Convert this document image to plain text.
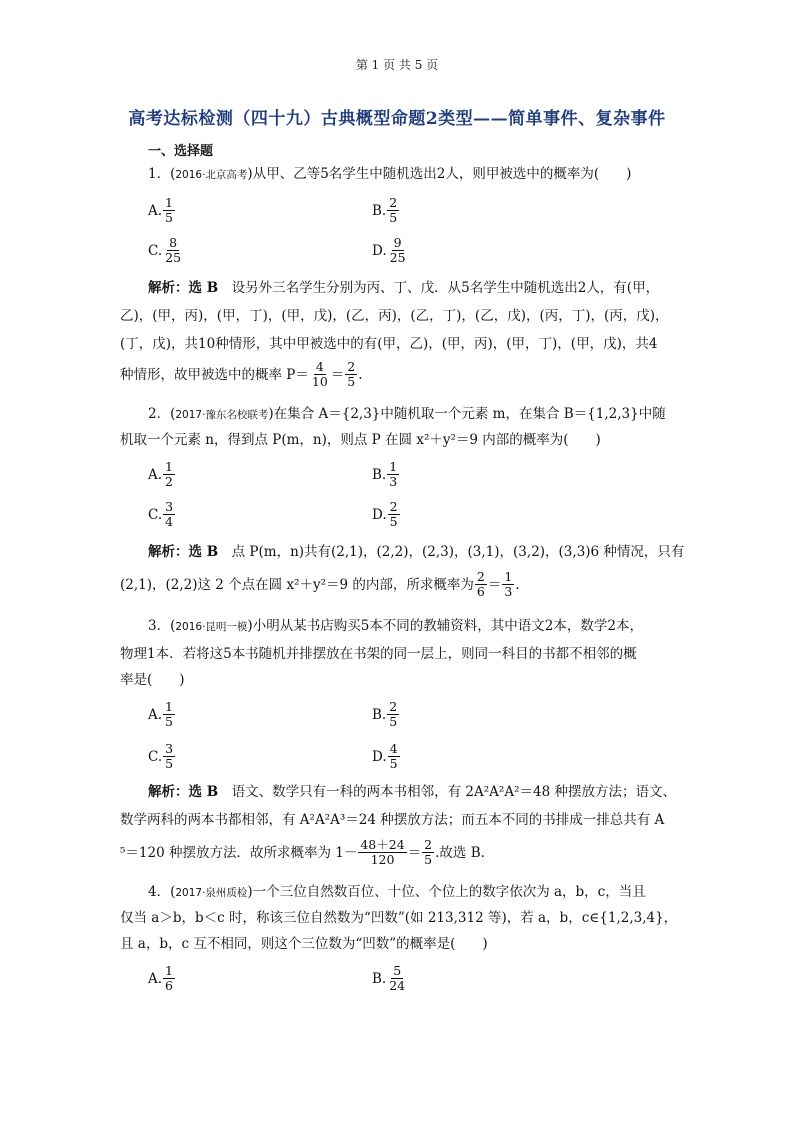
第 1 页 共 5 页
高考达标检测（四十九）古典概型命题2类型——简单事件、复杂事件
一、选择题
1．(2016·北京高考)从甲、乙等5名学生中随机选出2人，则甲被选中的概率为(　　)
A. $\frac{1}{5}$	B. $\frac{2}{5}$
C. $\frac{8}{25}$	D. $\frac{9}{25}$
解析：选 B　设另外三名学生分别为丙、丁、戊．从5名学生中随机选出2人，有(甲，
乙)，(甲，丙)，(甲，丁)，(甲，戊)，(乙，丙)，(乙，丁)，(乙，戊)，(丙，丁)，(丙，戊)，
(丁，戊)，共10种情形，其中甲被选中的有(甲，乙)，(甲，丙)，(甲，丁)，(甲，戊)，共4
种情形，故甲被选中的概率 $P= \frac{4}{10} = \frac{2}{5}$ .
2．(2017·豫东名校联考)在集合 A＝{2,3}中随机取一个元素 m，在集合 B＝{1,2,3}中随
机取一个元素 n，得到点 P(m，n)，则点 P 在圆 x²＋y²＝9 内部的概率为(　　)
A. $\frac{1}{2}$	B. $\frac{1}{3}$
C. $\frac{3}{4}$	D. $\frac{2}{5}$
解析：选 B　点 P(m，n)共有(2,1)，(2,2)，(2,3)，(3,1)，(3,2)，(3,3)6 种情况，只有
(2,1)，(2,2)这 2 个点在圆 x²＋y²＝9 的内部，所求概率为 $\frac{2}{6} = \frac{1}{3}$ .
3．(2016·昆明一模)小明从某书店购买5本不同的教辅资料，其中语文2本，数学2本，
物理1本．若将这5本书随机并排摆放在书架的同一层上，则同一科目的书都不相邻的概
率是(　　)
A. $\frac{1}{5}$	B. $\frac{2}{5}$
C. $\frac{3}{5}$	D. $\frac{4}{5}$
解析：选 B　语文、数学只有一科的两本书相邻，有 2A²A²A²＝48 种摆放方法；语文、
数学两科的两本书都相邻，有 A²A²A³＝24 种摆放方法；而五本不同的书排成一排总共有 A
⁵＝120 种摆放方法．故所求概率为 $1- \frac{48+24}{120} = \frac{2}{5}$ .故选 B.
4．(2017·泉州质检)一个三位自然数百位、十位、个位上的数字依次为 a，b，c，当且
仅当 a＞b，b＜c 时，称该三位自然数为“凹数”(如 213,312 等)，若 a，b，c∈{1,2,3,4}，
且 a，b，c 互不相同，则这个三位数为“凹数”的概率是(　　)
A. $\frac{1}{6}$	B. $\frac{5}{24}$
